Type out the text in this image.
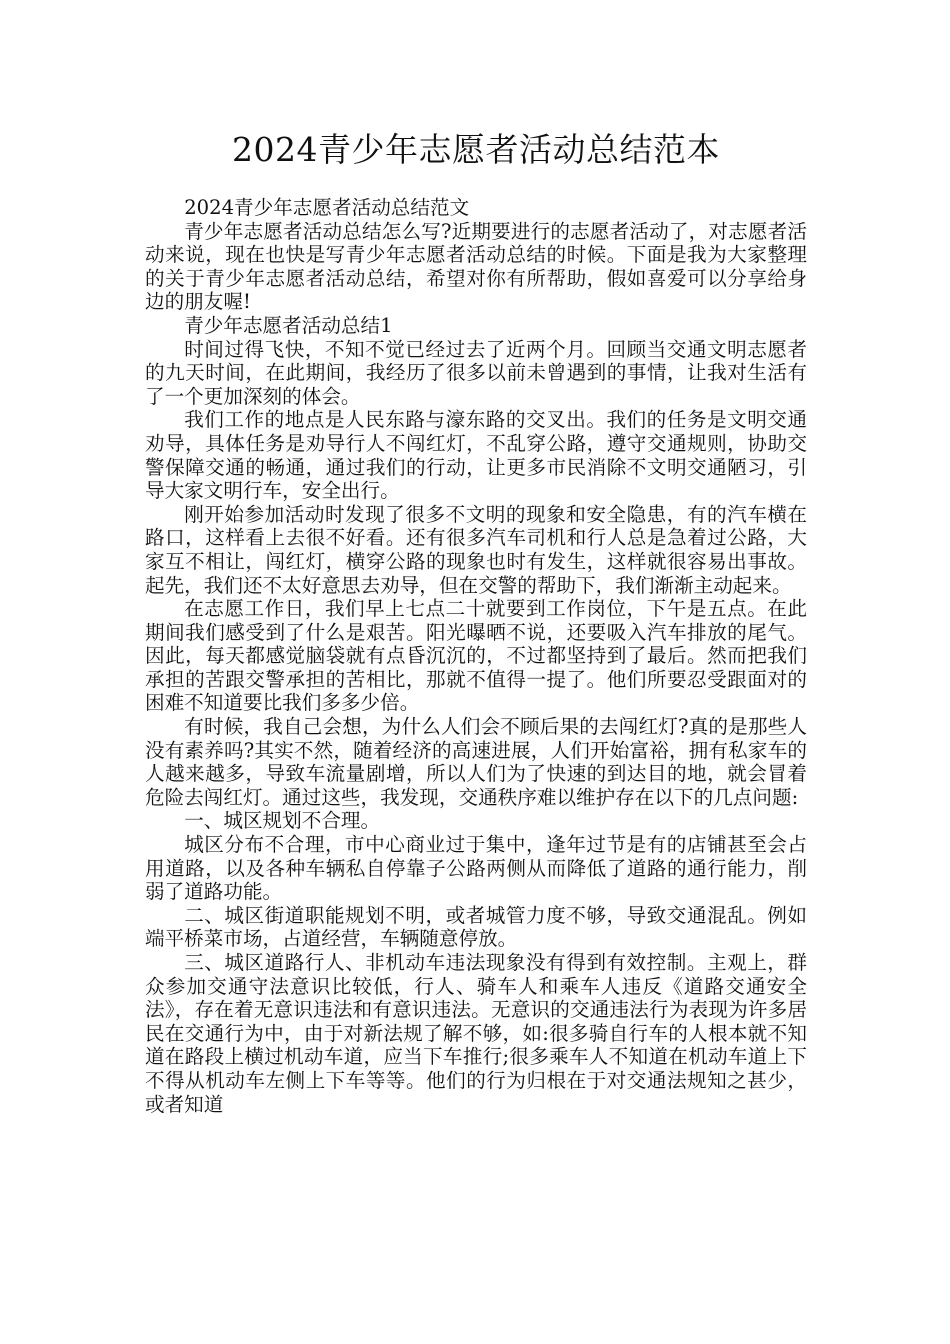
2024青少年志愿者活动总结范本

2024青少年志愿者活动总结范文

青少年志愿者活动总结怎么写?近期要进行的志愿者活动了，对志愿者活动来说，现在也快是写青少年志愿者活动总结的时候。下面是我为大家整理的关于青少年志愿者活动总结，希望对你有所帮助，假如喜爱可以分享给身边的朋友喔!

青少年志愿者活动总结1

时间过得飞快，不知不觉已经过去了近两个月。回顾当交通文明志愿者的九天时间，在此期间，我经历了很多以前未曾遇到的事情，让我对生活有了一个更加深刻的体会。

我们工作的地点是人民东路与濠东路的交叉出。我们的任务是文明交通劝导，具体任务是劝导行人不闯红灯，不乱穿公路，遵守交通规则，协助交警保障交通的畅通，通过我们的行动，让更多市民消除不文明交通陋习，引导大家文明行车，安全出行。

刚开始参加活动时发现了很多不文明的现象和安全隐患，有的汽车横在路口，这样看上去很不好看。还有很多汽车司机和行人总是急着过公路，大家互不相让，闯红灯，横穿公路的现象也时有发生，这样就很容易出事故。起先，我们还不太好意思去劝导，但在交警的帮助下，我们渐渐主动起来。

在志愿工作日，我们早上七点二十就要到工作岗位，下午是五点。在此期间我们感受到了什么是艰苦。阳光曝晒不说，还要吸入汽车排放的尾气。因此，每天都感觉脑袋就有点昏沉沉的，不过都坚持到了最后。然而把我们承担的苦跟交警承担的苦相比，那就不值得一提了。他们所要忍受跟面对的困难不知道要比我们多多少倍。

有时候，我自己会想，为什么人们会不顾后果的去闯红灯?真的是那些人没有素养吗?其实不然，随着经济的高速进展，人们开始富裕，拥有私家车的人越来越多，导致车流量剧增，所以人们为了快速的到达目的地，就会冒着危险去闯红灯。通过这些，我发现，交通秩序难以维护存在以下的几点问题:

一、城区规划不合理。

城区分布不合理，市中心商业过于集中，逢年过节是有的店铺甚至会占用道路，以及各种车辆私自停靠子公路两侧从而降低了道路的通行能力，削弱了道路功能。

二、城区街道职能规划不明，或者城管力度不够，导致交通混乱。例如端平桥菜市场，占道经营，车辆随意停放。

三、城区道路行人、非机动车违法现象没有得到有效控制。主观上，群众参加交通守法意识比较低，行人、骑车人和乘车人违反《道路交通安全法》，存在着无意识违法和有意识违法。无意识的交通违法行为表现为许多居民在交通行为中，由于对新法规了解不够，如:很多骑自行车的人根本就不知道在路段上横过机动车道，应当下车推行;很多乘车人不知道在机动车道上下不得从机动车左侧上下车等等。他们的行为归根在于对交通法规知之甚少，或者知道
